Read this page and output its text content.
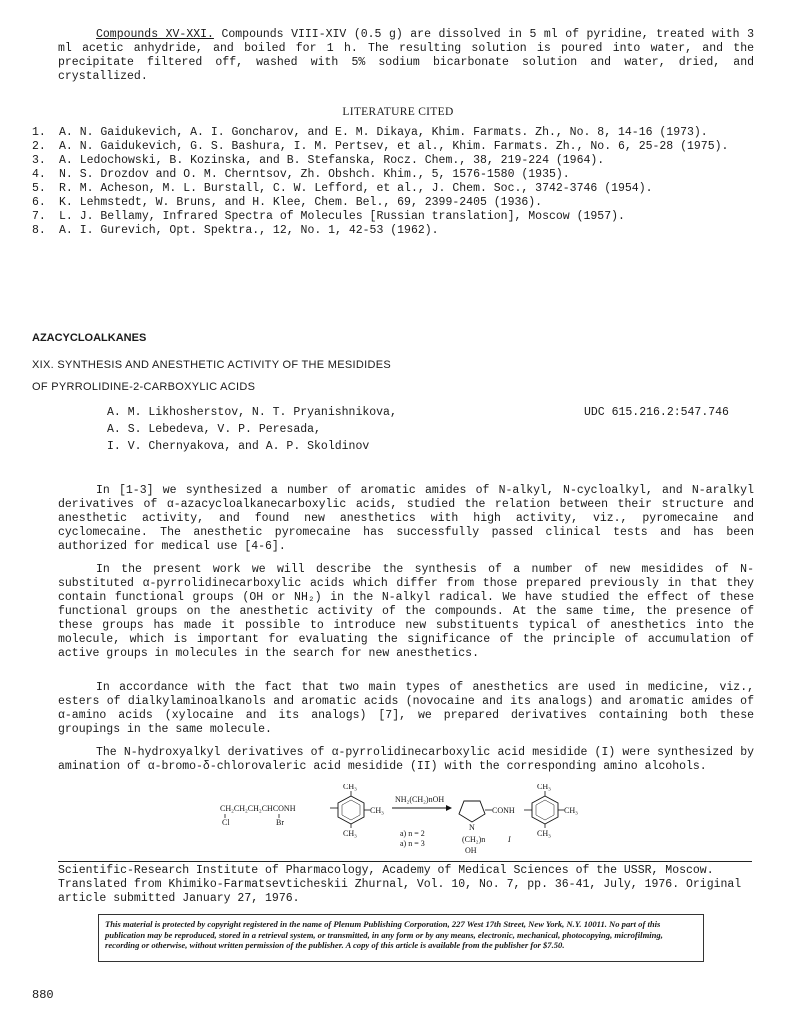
Compounds XV-XXI. Compounds VIII-XIV (0.5 g) are dissolved in 5 ml of pyridine, treated with 3 ml acetic anhydride, and boiled for 1 h. The resulting solution is poured into water, and the precipitate filtered off, washed with 5% sodium bicarbonate solution and water, dried, and crystallized.

LITERATURE CITED
1.	A. N. Gaidukevich, A. I. Goncharov, and E. M. Dikaya, Khim. Farmats. Zh., No. 8, 14-16 (1973).
2.	A. N. Gaidukevich, G. S. Bashura, I. M. Pertsev, et al., Khim. Farmats. Zh., No. 6, 25-28 (1975).
3.	A. Ledochowski, B. Kozinska, and B. Stefanska, Rocz. Chem., 38, 219-224 (1964).
4.	N. S. Drozdov and O. M. Cherntsov, Zh. Obshch. Khim., 5, 1576-1580 (1935).
5.	R. M. Acheson, M. L. Burstall, C. W. Lefford, et al., J. Chem. Soc., 3742-3746 (1954).
6.	K. Lehmstedt, W. Bruns, and H. Klee, Chem. Bel., 69, 2399-2405 (1936).
7.	L. J. Bellamy, Infrared Spectra of Molecules [Russian translation], Moscow (1957).
8.	A. I. Gurevich, Opt. Spektra., 12, No. 1, 42-53 (1962).
AZACYCLOALKANES
XIX. SYNTHESIS AND ANESTHETIC ACTIVITY OF THE MESIDIDES
OF PYRROLIDINE-2-CARBOXYLIC ACIDS
A. M. Likhosherstov, N. T. Pryanishnikova,
A. S. Lebedeva, V. P. Peresada,
I. V. Chernyakova, and A. P. Skoldinov
UDC 615.216.2:547.746

In [1-3] we synthesized a number of aromatic amides of N-alkyl, N-cycloalkyl, and N-aralkyl derivatives of α-azacycloalkanecarboxylic acids, studied the relation between their structure and anesthetic activity, and found new anesthetics with high activity, viz., pyromecaine and cyclomecaine. The anesthetic pyromecaine has successfully passed clinical tests and has been authorized for medical use [4-6].

In the present work we will describe the synthesis of a number of new mesidides of N-substituted α-pyrrolidinecarboxylic acids which differ from those prepared previously in that they contain functional groups (OH or NH₂) in the N-alkyl radical. We have studied the effect of these functional groups on the anesthetic activity of the compounds. At the same time, the presence of these groups has made it possible to introduce new substituents typical of anesthetics into the molecule, which is important for evaluating the significance of the principle of accumulation of active groups in molecules in the search for new anesthetics.

In accordance with the fact that two main types of anesthetics are used in medicine, viz., esters of dialkylaminoalkanols and aromatic acids (novocaine and its analogs) and aromatic amides of α-amino acids (xylocaine and its analogs) [7], we prepared derivatives containing both these groupings in the same molecule.

The N-hydroxyalkyl derivatives of α-pyrrolidinecarboxylic acid mesidide (I) were synthesized by amination of α-bromo-δ-chlorovaleric acid mesidide (II) with the corresponding amino alcohols.

CH₂CH₂CH₂CHCONH
Cl	Br
CH₃
CH₃
CH₃
NH₂(CH₂)nOH
a) n = 2
a) n = 3
N
CONH
(CH₂)n
OH
CH₃
CH₃
CH₃
I

Scientific-Research Institute of Pharmacology, Academy of Medical Sciences of the USSR, Moscow. Translated from Khimiko-Farmatsevticheskii Zhurnal, Vol. 10, No. 7, pp. 36-41, July, 1976. Original article submitted January 27, 1976.

This material is protected by copyright registered in the name of Plenum Publishing Corporation, 227 West 17th Street, New York, N.Y. 10011. No part of this publication may be reproduced, stored in a retrieval system, or transmitted, in any form or by any means, electronic, mechanical, photocopying, microfilming, recording or otherwise, without written permission of the publisher. A copy of this article is available from the publisher for $7.50.
880
